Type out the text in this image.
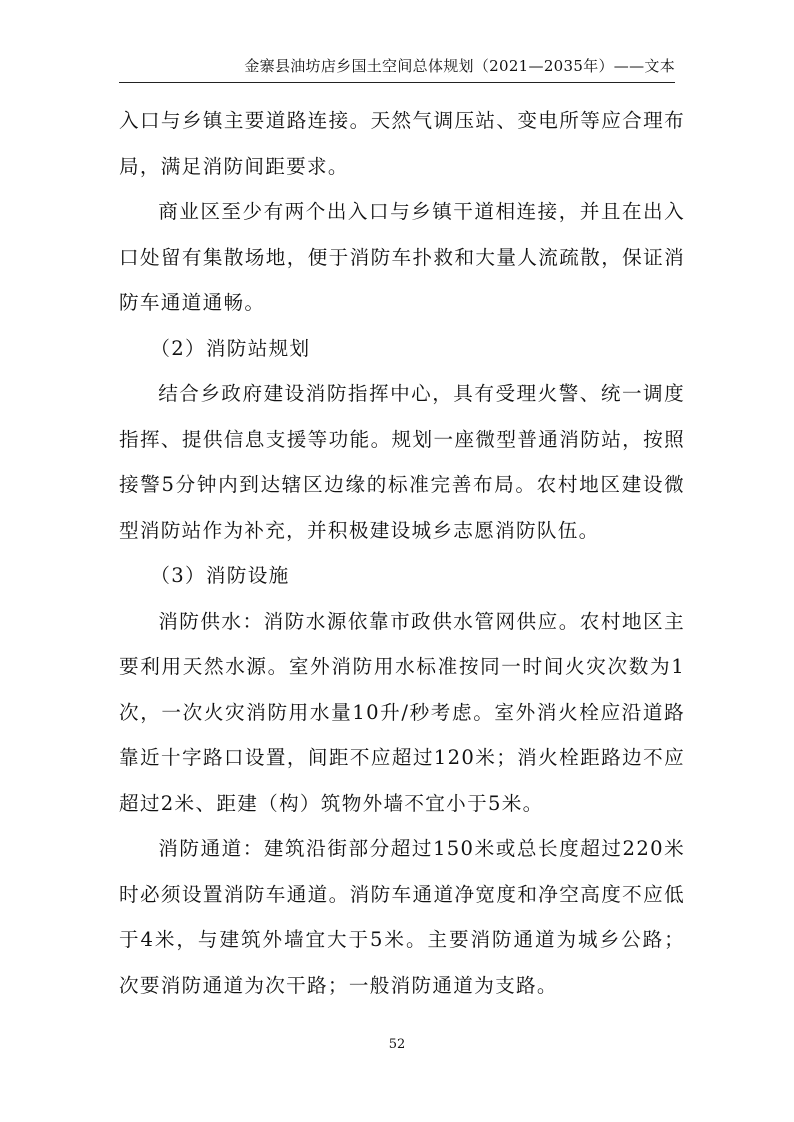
金寨县油坊店乡国土空间总体规划（2021—2035年）——文本

入口与乡镇主要道路连接。天然气调压站、变电所等应合理布局，满足消防间距要求。

商业区至少有两个出入口与乡镇干道相连接，并且在出入口处留有集散场地，便于消防车扑救和大量人流疏散，保证消防车通道通畅。

（2）消防站规划

结合乡政府建设消防指挥中心，具有受理火警、统一调度指挥、提供信息支援等功能。规划一座微型普通消防站，按照接警5分钟内到达辖区边缘的标准完善布局。农村地区建设微型消防站作为补充，并积极建设城乡志愿消防队伍。

（3）消防设施

消防供水：消防水源依靠市政供水管网供应。农村地区主要利用天然水源。室外消防用水标准按同一时间火灾次数为1次，一次火灾消防用水量10升/秒考虑。室外消火栓应沿道路靠近十字路口设置，间距不应超过120米；消火栓距路边不应超过2米、距建（构）筑物外墙不宜小于5米。

消防通道：建筑沿街部分超过150米或总长度超过220米时必须设置消防车通道。消防车通道净宽度和净空高度不应低于4米，与建筑外墙宜大于5米。主要消防通道为城乡公路；次要消防通道为次干路；一般消防通道为支路。

52
